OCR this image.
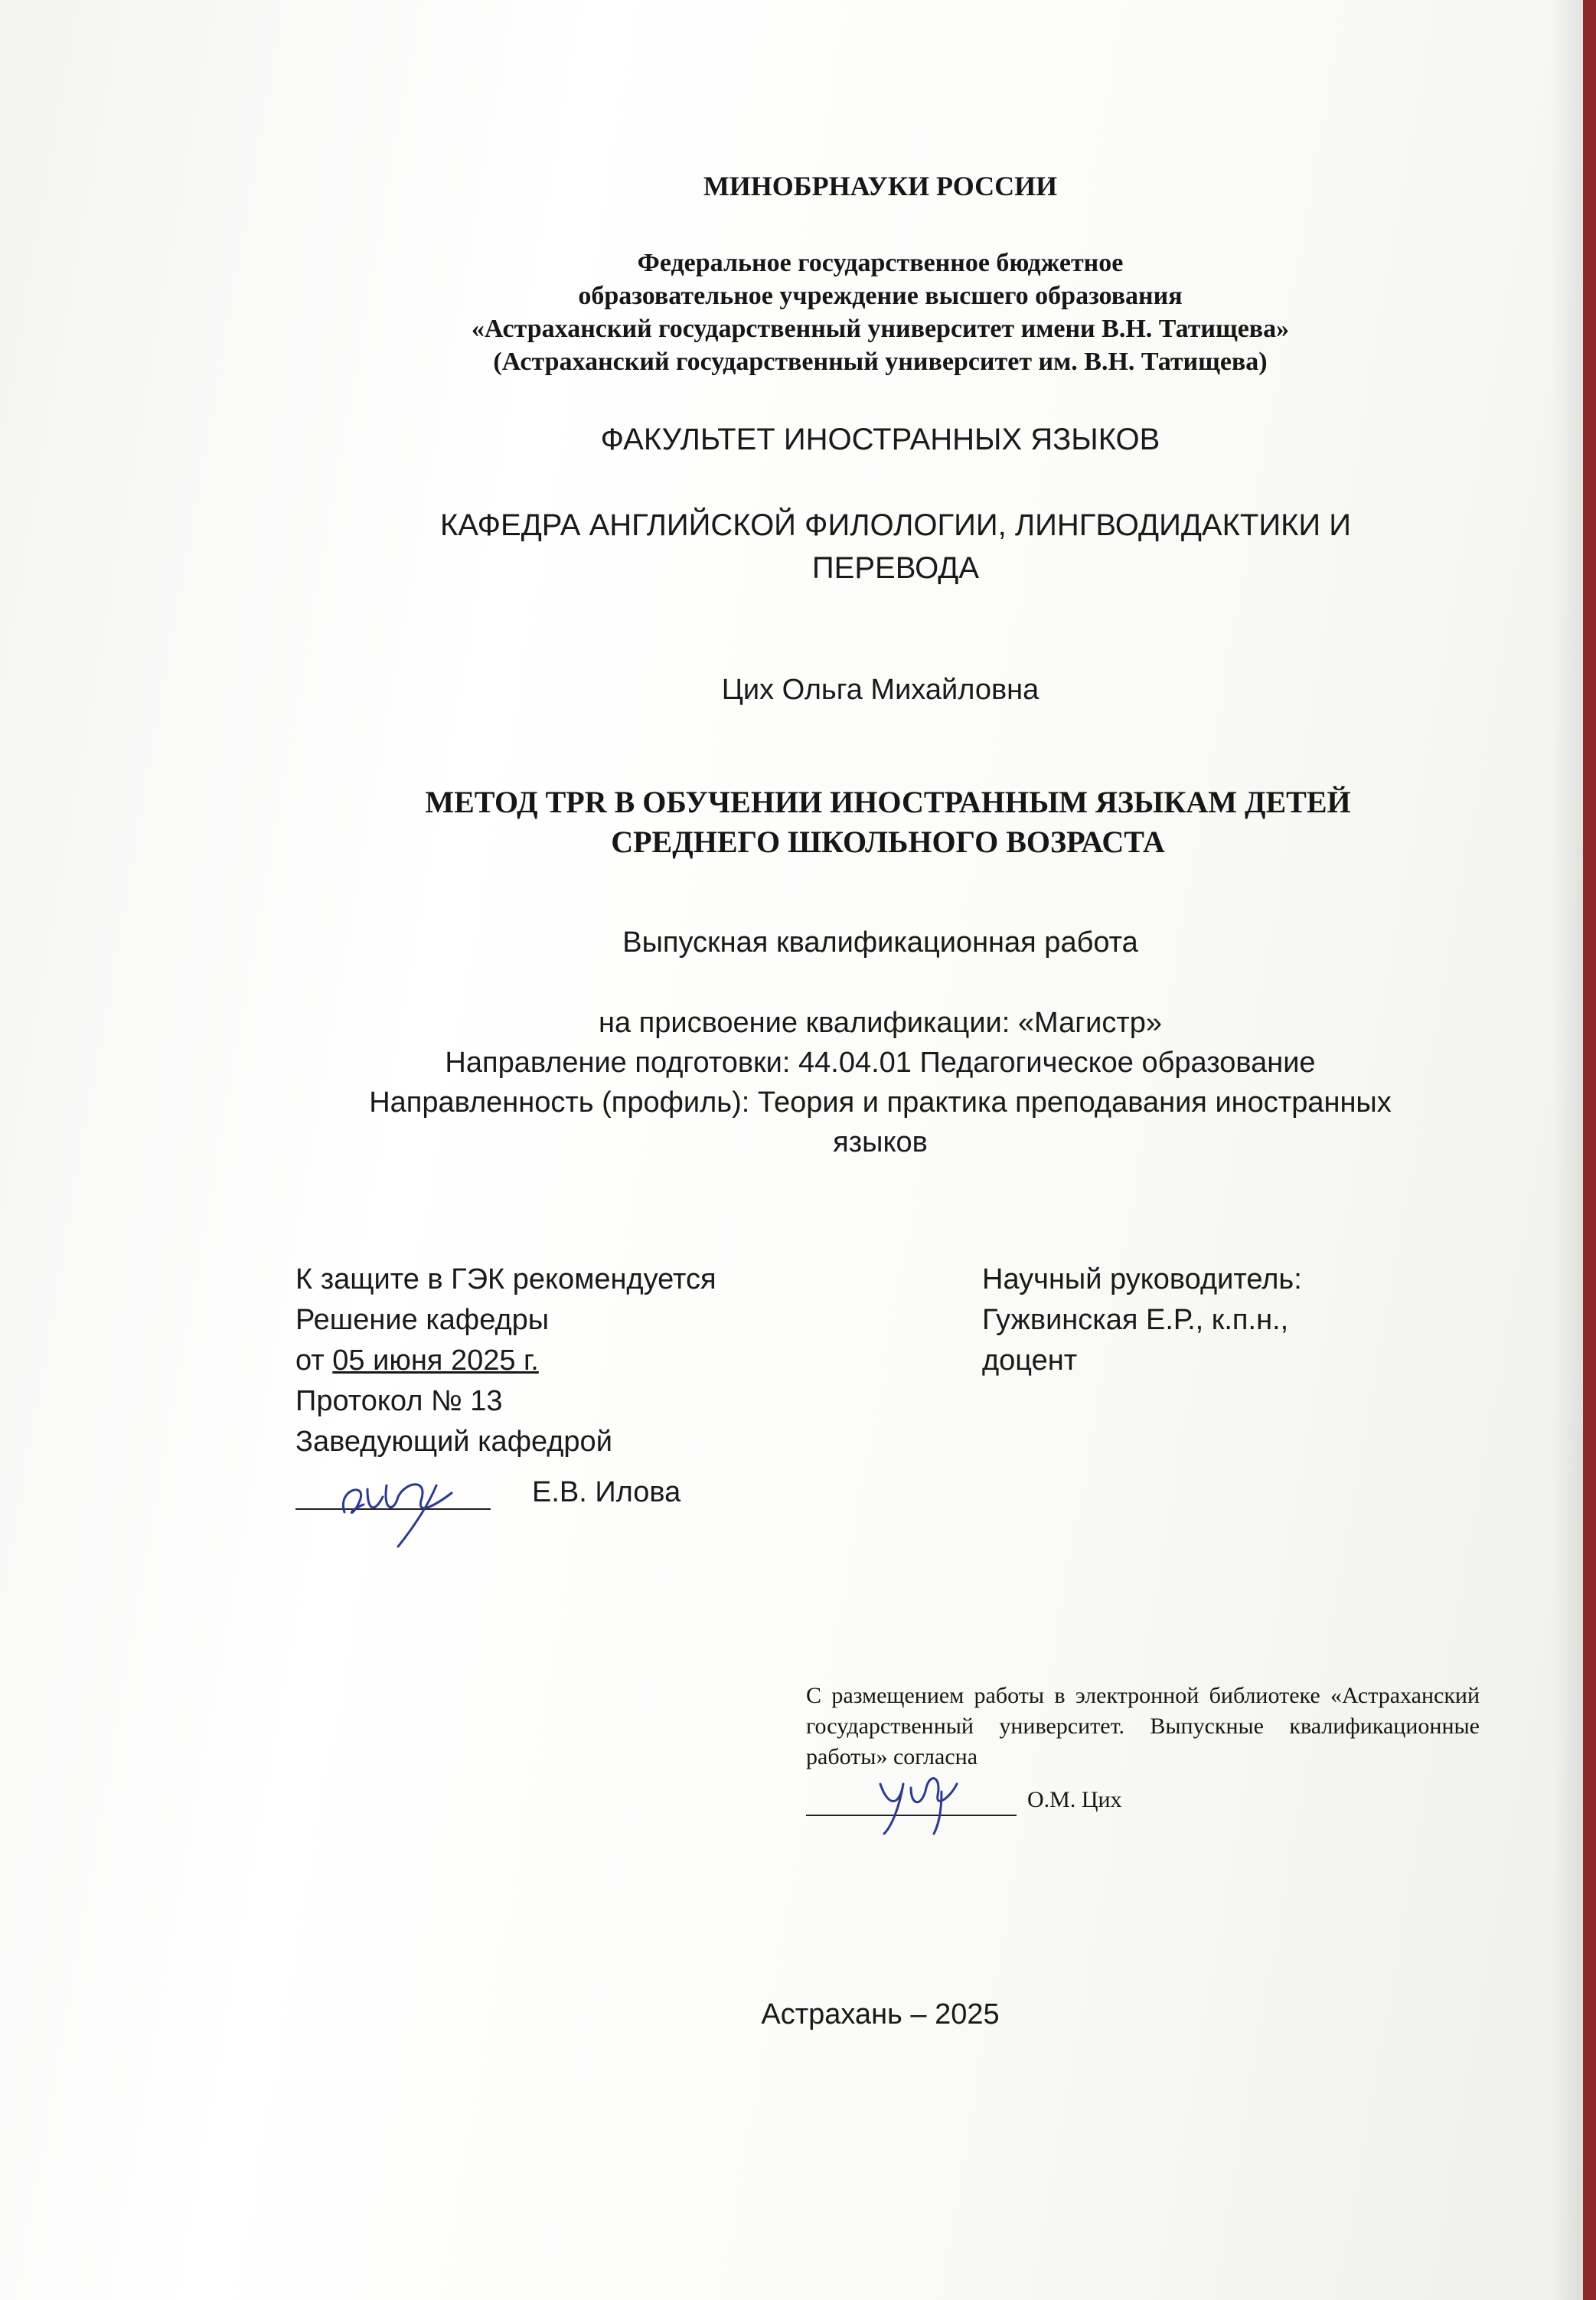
МИНОБРНАУКИ РОССИИ
Федеральное государственное бюджетное
образовательное учреждение высшего образования
«Астраханский государственный университет имени В.Н. Татищева»
(Астраханский государственный университет им. В.Н. Татищева)
ФАКУЛЬТЕТ ИНОСТРАННЫХ ЯЗЫКОВ
КАФЕДРА АНГЛИЙСКОЙ ФИЛОЛОГИИ, ЛИНГВОДИДАКТИКИ И
ПЕРЕВОДА
Цих Ольга Михайловна
МЕТОД TPR В ОБУЧЕНИИ ИНОСТРАННЫМ ЯЗЫКАМ ДЕТЕЙ
СРЕДНЕГО ШКОЛЬНОГО ВОЗРАСТА
Выпускная квалификационная работа
на присвоение квалификации: «Магистр»
Направление подготовки: 44.04.01 Педагогическое образование
Направленность (профиль): Теория и практика преподавания иностранных
языков
К защите в ГЭК рекомендуется
Решение кафедры
от 05 июня 2025 г.
Протокол № 13
Заведующий кафедрой
Е.В. Илова
Научный руководитель:
Гужвинская Е.Р., к.п.н.,
доцент
С размещением работы в электронной библиотеке «Астраханский государственный университет. Выпускные квалификационные работы» согласна
О.М. Цих
Астрахань – 2025
